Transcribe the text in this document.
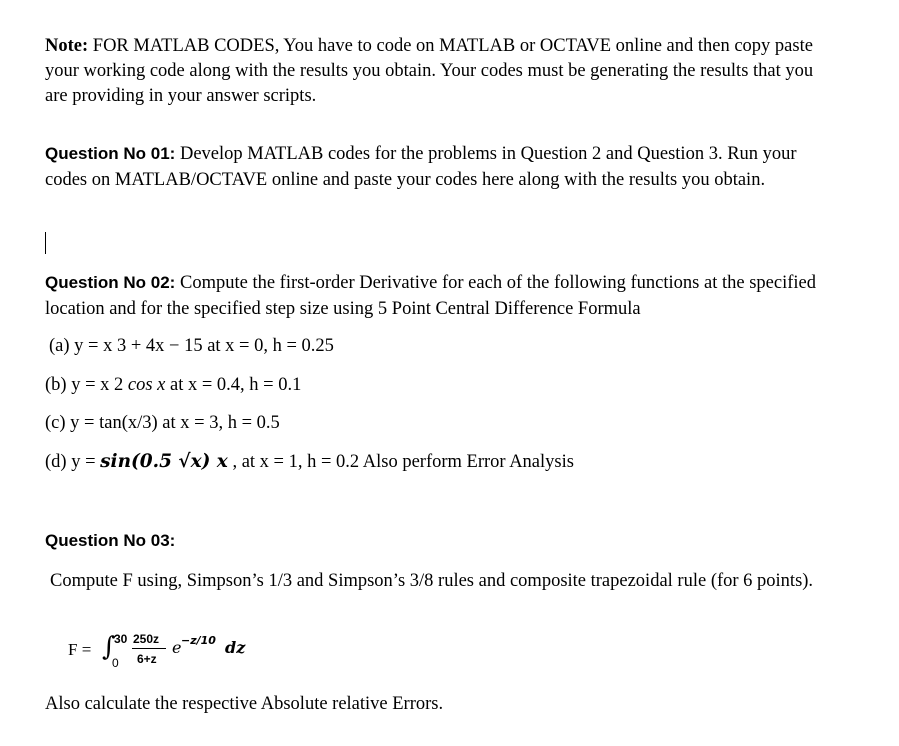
Note: FOR MATLAB CODES, You have to code on MATLAB or OCTAVE online and then copy paste your working code along with the results you obtain. Your codes must be generating the results that you are providing in your answer scripts.
Question No 01: Develop MATLAB codes for the problems in Question 2 and Question 3. Run your codes on MATLAB/OCTAVE online and paste your codes here along with the results you obtain.
Question No 02: Compute the first-order Derivative for each of the following functions at the specified location and for the specified step size using 5 Point Central Difference Formula
(a) y = x 3 + 4x − 15 at x = 0, h = 0.25
(b) y = x 2 cos x at x = 0.4, h = 0.1
(c) y = tan(x/3) at x = 3, h = 0.5
(d) y = sin(0.5 √x) x , at x = 1, h = 0.2 Also perform Error Analysis
Question No 03:
Compute F using, Simpson’s 1/3 and Simpson’s 3/8 rules and composite trapezoidal rule (for 6 points).
F = ∫
30
0
250z
6+z
e −z/10 dz
Also calculate the respective Absolute relative Errors.
